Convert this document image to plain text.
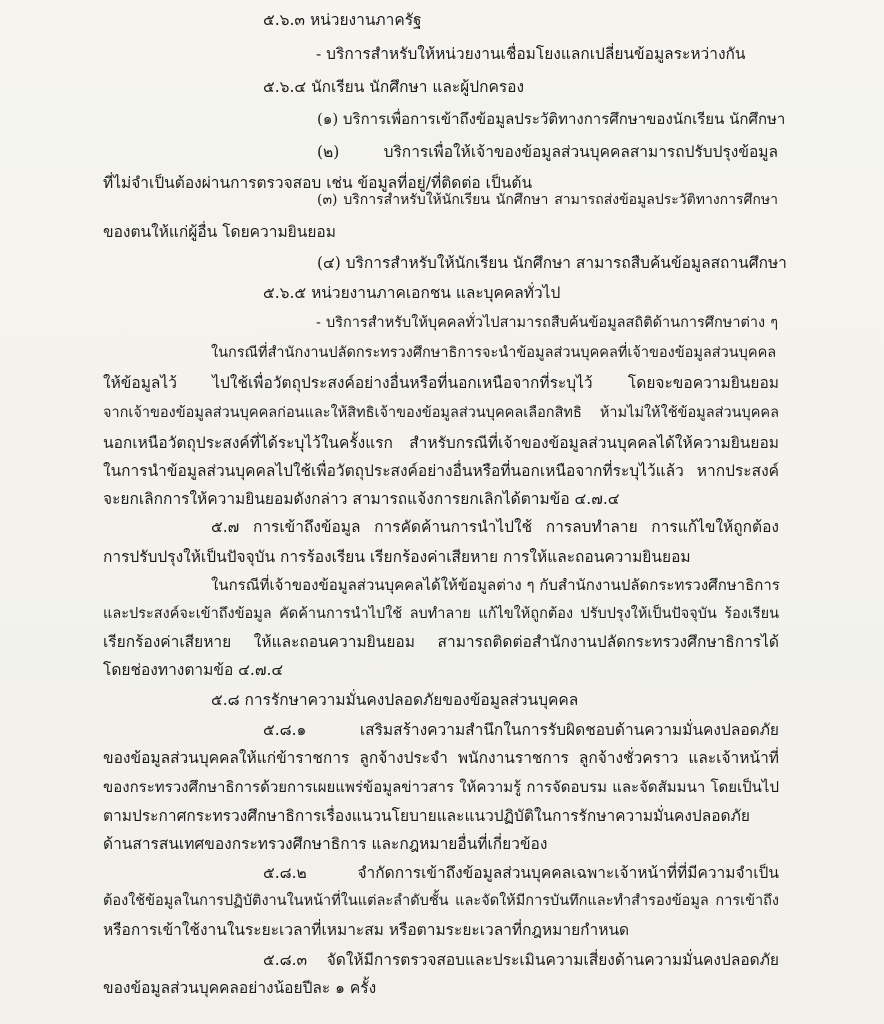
๕.๖.๓ หน่วยงานภาครัฐ
- บริการสำหรับให้หน่วยงานเชื่อมโยงแลกเปลี่ยนข้อมูลระหว่างกัน
๕.๖.๔ นักเรียน นักศึกษา และผู้ปกครอง
(๑) บริการเพื่อการเข้าถึงข้อมูลประวัติทางการศึกษาของนักเรียน นักศึกษา
(๒) บริการเพื่อให้เจ้าของข้อมูลส่วนบุคคลสามารถปรับปรุงข้อมูล
ที่ไม่จำเป็นต้องผ่านการตรวจสอบ เช่น ข้อมูลที่อยู่/ที่ติดต่อ เป็นต้น
(๓) บริการสำหรับให้นักเรียน นักศึกษา สามารถส่งข้อมูลประวัติทางการศึกษา
ของตนให้แก่ผู้อื่น โดยความยินยอม
(๔) บริการสำหรับให้นักเรียน นักศึกษา สามารถสืบค้นข้อมูลสถานศึกษา
๕.๖.๕ หน่วยงานภาคเอกชน และบุคคลทั่วไป
- บริการสำหรับให้บุคคลทั่วไปสามารถสืบค้นข้อมูลสถิติด้านการศึกษาต่าง ๆ
ในกรณีที่สำนักงานปลัดกระทรวงศึกษาธิการจะนำข้อมูลส่วนบุคคลที่เจ้าของข้อมูลส่วนบุคคล
ให้ข้อมูลไว้ ไปใช้เพื่อวัตถุประสงค์อย่างอื่นหรือที่นอกเหนือจากที่ระบุไว้ โดยจะขอความยินยอม
จากเจ้าของข้อมูลส่วนบุคคลก่อนและให้สิทธิเจ้าของข้อมูลส่วนบุคคลเลือกสิทธิ ห้ามไม่ให้ใช้ข้อมูลส่วนบุคคล
นอกเหนือวัตถุประสงค์ที่ได้ระบุไว้ในครั้งแรก สำหรับกรณีที่เจ้าของข้อมูลส่วนบุคคลได้ให้ความยินยอม
ในการนำข้อมูลส่วนบุคคลไปใช้เพื่อวัตถุประสงค์อย่างอื่นหรือที่นอกเหนือจากที่ระบุไว้แล้ว หากประสงค์
จะยกเลิกการให้ความยินยอมดังกล่าว สามารถแจ้งการยกเลิกได้ตามข้อ ๔.๗.๔
๕.๗ การเข้าถึงข้อมูล การคัดค้านการนำไปใช้ การลบทำลาย การแก้ไขให้ถูกต้อง
การปรับปรุงให้เป็นปัจจุบัน การร้องเรียน เรียกร้องค่าเสียหาย การให้และถอนความยินยอม
ในกรณีที่เจ้าของข้อมูลส่วนบุคคลได้ให้ข้อมูลต่าง ๆ กับสำนักงานปลัดกระทรวงศึกษาธิการ
และประสงค์จะเข้าถึงข้อมูล คัดค้านการนำไปใช้ ลบทำลาย แก้ไขให้ถูกต้อง ปรับปรุงให้เป็นปัจจุบัน ร้องเรียน
เรียกร้องค่าเสียหาย ให้และถอนความยินยอม สามารถติดต่อสำนักงานปลัดกระทรวงศึกษาธิการได้
โดยช่องทางตามข้อ ๔.๗.๔
๕.๘ การรักษาความมั่นคงปลอดภัยของข้อมูลส่วนบุคคล
๕.๘.๑ เสริมสร้างความสำนึกในการรับผิดชอบด้านความมั่นคงปลอดภัย
ของข้อมูลส่วนบุคคลให้แก่ข้าราชการ ลูกจ้างประจำ พนักงานราชการ ลูกจ้างชั่วคราว และเจ้าหน้าที่
ของกระทรวงศึกษาธิการด้วยการเผยแพร่ข้อมูลข่าวสาร ให้ความรู้ การจัดอบรม และจัดสัมมนา โดยเป็นไป
ตามประกาศกระทรวงศึกษาธิการเรื่องแนวนโยบายและแนวปฏิบัติในการรักษาความมั่นคงปลอดภัย
ด้านสารสนเทศของกระทรวงศึกษาธิการ และกฎหมายอื่นที่เกี่ยวข้อง
๕.๘.๒ จำกัดการเข้าถึงข้อมูลส่วนบุคคลเฉพาะเจ้าหน้าที่ที่มีความจำเป็น
ต้องใช้ข้อมูลในการปฏิบัติงานในหน้าที่ในแต่ละลำดับชั้น และจัดให้มีการบันทึกและทำสำรองข้อมูล การเข้าถึง
หรือการเข้าใช้งานในระยะเวลาที่เหมาะสม หรือตามระยะเวลาที่กฎหมายกำหนด
๕.๘.๓ จัดให้มีการตรวจสอบและประเมินความเสี่ยงด้านความมั่นคงปลอดภัย
ของข้อมูลส่วนบุคคลอย่างน้อยปีละ ๑ ครั้ง
